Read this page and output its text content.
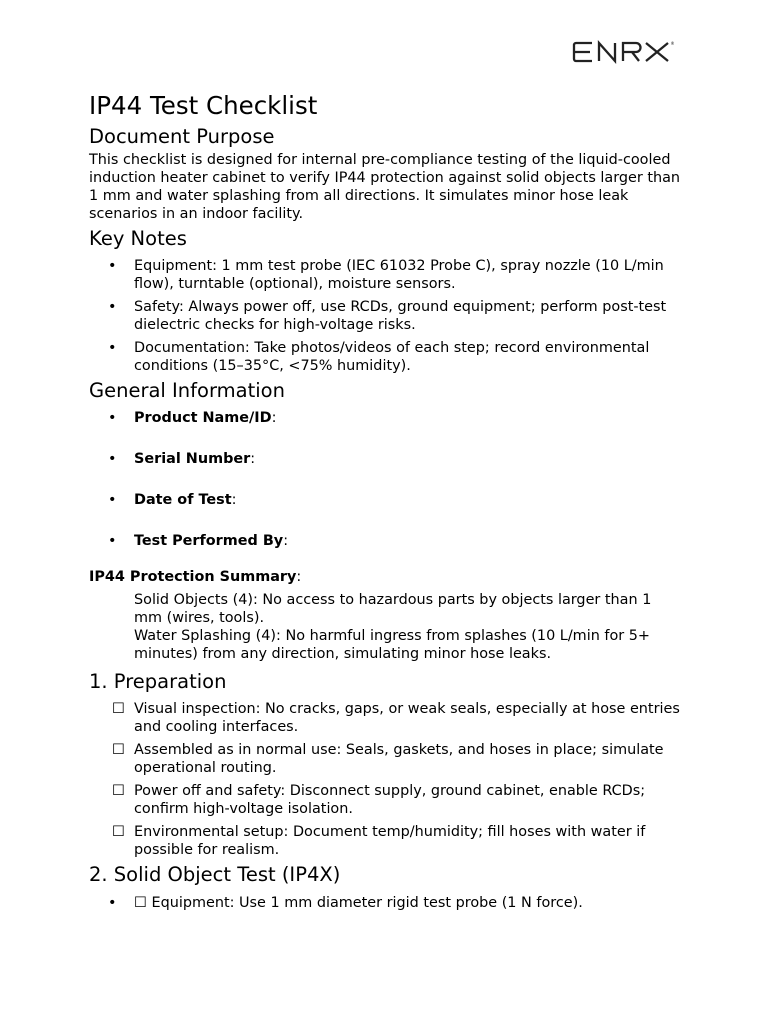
®
IP44 Test Checklist
Document Purpose

This checklist is designed for internal pre-compliance testing of the liquid-cooled induction heater cabinet to verify IP44 protection against solid objects larger than 1 mm and water splashing from all directions. It simulates minor hose leak scenarios in an indoor facility.

Key Notes
• Equipment: 1 mm test probe (IEC 61032 Probe C), spray nozzle (10 L/min flow), turntable (optional), moisture sensors.
• Safety: Always power off, use RCDs, ground equipment; perform post-test dielectric checks for high-voltage risks.
• Documentation: Take photos/videos of each step; record environmental conditions (15–35°C, <75% humidity).
General Information
• Product Name/ID:
• Serial Number:
• Date of Test:
• Test Performed By:
IP44 Protection Summary:
Solid Objects (4): No access to hazardous parts by objects larger than 1 mm (wires, tools).
Water Splashing (4): No harmful ingress from splashes (10 L/min for 5+ minutes) from any direction, simulating minor hose leaks.
1. Preparation
☐ Visual inspection: No cracks, gaps, or weak seals, especially at hose entries and cooling interfaces.
☐ Assembled as in normal use: Seals, gaskets, and hoses in place; simulate operational routing.
☐ Power off and safety: Disconnect supply, ground cabinet, enable RCDs; confirm high-voltage isolation.
☐ Environmental setup: Document temp/humidity; fill hoses with water if possible for realism.
2. Solid Object Test (IP4X)
• ☐ Equipment: Use 1 mm diameter rigid test probe (1 N force).
